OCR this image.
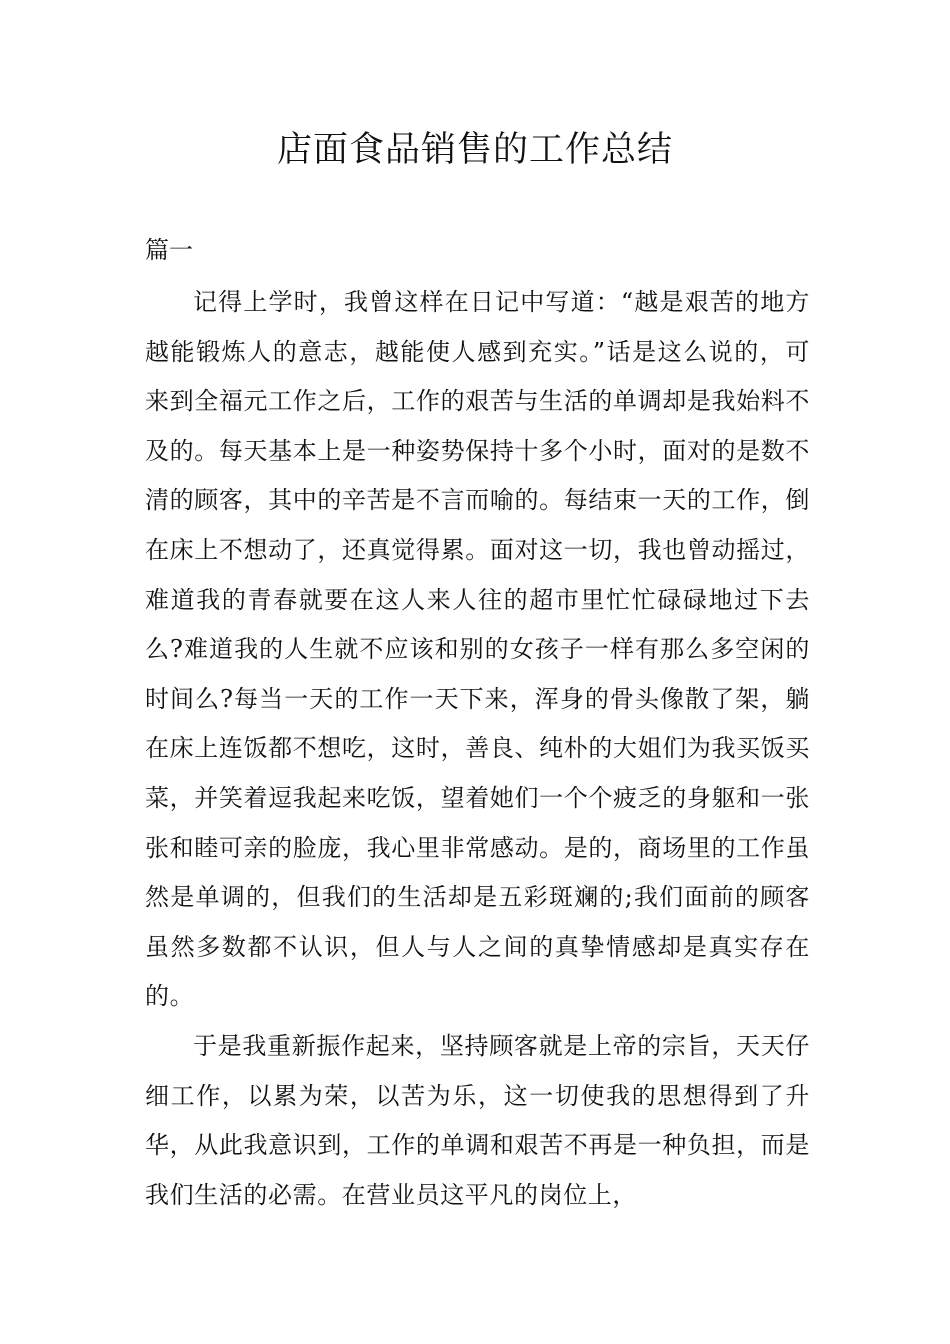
店面食品销售的工作总结
篇一

记得上学时，我曾这样在日记中写道：“越是艰苦的地方越能锻炼人的意志，越能使人感到充实。”话是这么说的，可来到全福元工作之后，工作的艰苦与生活的单调却是我始料不及的。每天基本上是一种姿势保持十多个小时，面对的是数不清的顾客，其中的辛苦是不言而喻的。每结束一天的工作，倒在床上不想动了，还真觉得累。面对这一切，我也曾动摇过，难道我的青春就要在这人来人往的超市里忙忙碌碌地过下去么?难道我的人生就不应该和别的女孩子一样有那么多空闲的时间么?每当一天的工作一天下来，浑身的骨头像散了架，躺在床上连饭都不想吃，这时，善良、纯朴的大姐们为我买饭买菜，并笑着逗我起来吃饭，望着她们一个个疲乏的身躯和一张张和睦可亲的脸庞，我心里非常感动。是的，商场里的工作虽然是单调的，但我们的生活却是五彩斑斓的;我们面前的顾客虽然多数都不认识，但人与人之间的真挚情感却是真实存在的。

于是我重新振作起来，坚持顾客就是上帝的宗旨，天天仔细工作，以累为荣，以苦为乐，这一切使我的思想得到了升华，从此我意识到，工作的单调和艰苦不再是一种负担，而是我们生活的必需。在营业员这平凡的岗位上，
